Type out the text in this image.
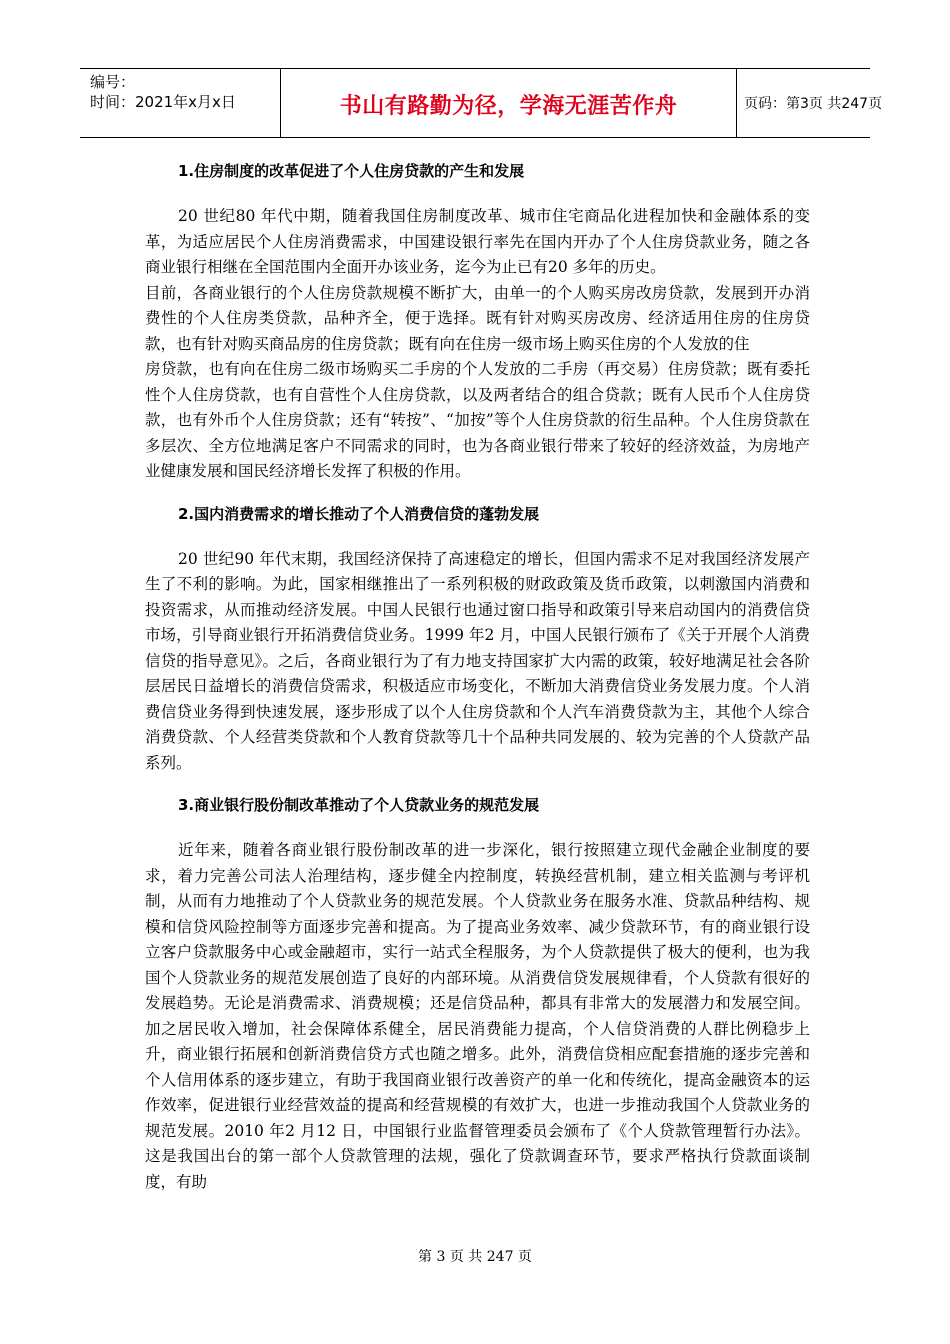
编号：
时间：2021年x月x日	书山有路勤为径，学海无涯苦作舟	页码：第3页 共247页
1.住房制度的改革促进了个人住房贷款的产生和发展

20 世纪80 年代中期，随着我国住房制度改革、城市住宅商品化进程加快和金融体系的变革，为适应居民个人住房消费需求，中国建设银行率先在国内开办了个人住房贷款业务，随之各商业银行相继在全国范围内全面开办该业务，迄今为止已有20 多年的历史。

目前，各商业银行的个人住房贷款规模不断扩大，由单一的个人购买房改房贷款，发展到开办消费性的个人住房类贷款，品种齐全，便于选择。既有针对购买房改房、经济适用住房的住房贷款，也有针对购买商品房的住房贷款；既有向在住房一级市场上购买住房的个人发放的住

房贷款，也有向在住房二级市场购买二手房的个人发放的二手房（再交易）住房贷款；既有委托性个人住房贷款，也有自营性个人住房贷款，以及两者结合的组合贷款；既有人民币个人住房贷款，也有外币个人住房贷款；还有“转按”、“加按”等个人住房贷款的衍生品种。个人住房贷款在多层次、全方位地满足客户不同需求的同时，也为各商业银行带来了较好的经济效益，为房地产业健康发展和国民经济增长发挥了积极的作用。

2.国内消费需求的增长推动了个人消费信贷的蓬勃发展

20 世纪90 年代末期，我国经济保持了高速稳定的增长，但国内需求不足对我国经济发展产生了不利的影响。为此，国家相继推出了一系列积极的财政政策及货币政策，以刺激国内消费和投资需求，从而推动经济发展。中国人民银行也通过窗口指导和政策引导来启动国内的消费信贷市场，引导商业银行开拓消费信贷业务。1999 年2 月，中国人民银行颁布了《关于开展个人消费信贷的指导意见》。之后，各商业银行为了有力地支持国家扩大内需的政策，较好地满足社会各阶层居民日益增长的消费信贷需求，积极适应市场变化，不断加大消费信贷业务发展力度。个人消费信贷业务得到快速发展，逐步形成了以个人住房贷款和个人汽车消费贷款为主，其他个人综合消费贷款、个人经营类贷款和个人教育贷款等几十个品种共同发展的、较为完善的个人贷款产品系列。

3.商业银行股份制改革推动了个人贷款业务的规范发展

近年来，随着各商业银行股份制改革的进一步深化，银行按照建立现代金融企业制度的要求，着力完善公司法人治理结构，逐步健全内控制度，转换经营机制，建立相关监测与考评机制，从而有力地推动了个人贷款业务的规范发展。个人贷款业务在服务水准、贷款品种结构、规模和信贷风险控制等方面逐步完善和提高。为了提高业务效率、减少贷款环节，有的商业银行设立客户贷款服务中心或金融超市，实行一站式全程服务，为个人贷款提供了极大的便利，也为我国个人贷款业务的规范发展创造了良好的内部环境。从消费信贷发展规律看，个人贷款有很好的发展趋势。无论是消费需求、消费规模；还是信贷品种，都具有非常大的发展潜力和发展空间。加之居民收入增加，社会保障体系健全，居民消费能力提高，个人信贷消费的人群比例稳步上升，商业银行拓展和创新消费信贷方式也随之增多。此外，消费信贷相应配套措施的逐步完善和个人信用体系的逐步建立，有助于我国商业银行改善资产的单一化和传统化，提高金融资本的运作效率，促进银行业经营效益的提高和经营规模的有效扩大，也进一步推动我国个人贷款业务的规范发展。2010 年2 月12 日，中国银行业监督管理委员会颁布了《个人贷款管理暂行办法》。这是我国出台的第一部个人贷款管理的法规，强化了贷款调查环节，要求严格执行贷款面谈制度，有助

第 3 页 共 247 页
